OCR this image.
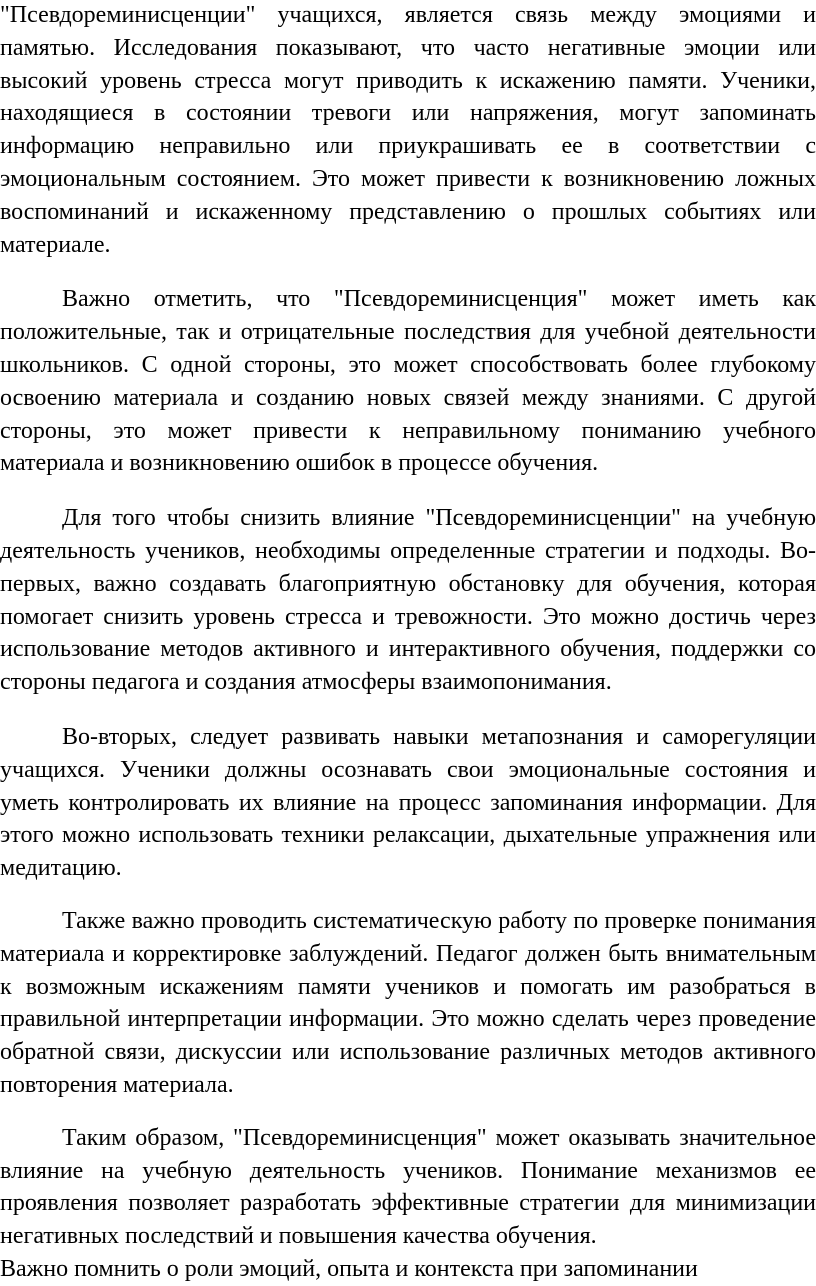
"Псевдореминисценции" учащихся, является связь между эмоциями и памятью. Исследования показывают, что часто негативные эмоции или высокий уровень стресса могут приводить к искажению памяти. Ученики, находящиеся в состоянии тревоги или напряжения, могут запоминать информацию неправильно или приукрашивать ее в соответствии с эмоциональным состоянием. Это может привести к возникновению ложных воспоминаний и искаженному представлению о прошлых событиях или материале.

Важно отметить, что "Псевдореминисценция" может иметь как положительные, так и отрицательные последствия для учебной деятельности школьников. С одной стороны, это может способствовать более глубокому освоению материала и созданию новых связей между знаниями. С другой стороны, это может привести к неправильному пониманию учебного материала и возникновению ошибок в процессе обучения.

Для того чтобы снизить влияние "Псевдореминисценции" на учебную деятельность учеников, необходимы определенные стратегии и подходы. Во-первых, важно создавать благоприятную обстановку для обучения, которая помогает снизить уровень стресса и тревожности. Это можно достичь через использование методов активного и интерактивного обучения, поддержки со стороны педагога и создания атмосферы взаимопонимания.

Во-вторых, следует развивать навыки метапознания и саморегуляции учащихся. Ученики должны осознавать свои эмоциональные состояния и уметь контролировать их влияние на процесс запоминания информации. Для этого можно использовать техники релаксации, дыхательные упражнения или медитацию.

Также важно проводить систематическую работу по проверке понимания материала и корректировке заблуждений. Педагог должен быть внимательным к возможным искажениям памяти учеников и помогать им разобраться в правильной интерпретации информации. Это можно сделать через проведение обратной связи, дискуссии или использование различных методов активного повторения материала.

Таким образом, "Псевдореминисценция" может оказывать значительное влияние на учебную деятельность учеников. Понимание механизмов ее проявления позволяет разработать эффективные стратегии для минимизации негативных последствий и повышения качества обучения.
Важно помнить о роли эмоций, опыта и контекста при запоминании
